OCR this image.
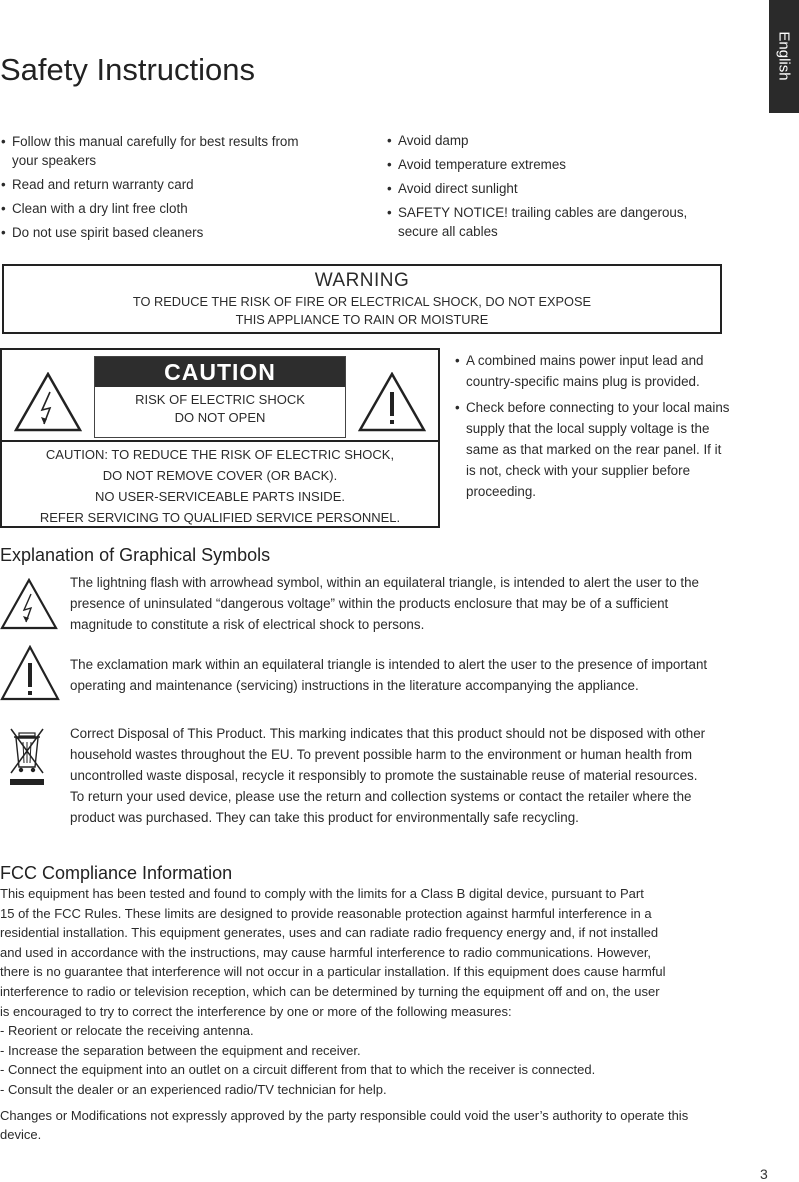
English
Safety Instructions
• Follow this manual carefully for best results from your speakers
• Read and return warranty card
• Clean with a dry lint free cloth
• Do not use spirit based cleaners
• Avoid damp
• Avoid temperature extremes
• Avoid direct sunlight
• SAFETY NOTICE! trailing cables are dangerous, secure all cables
WARNING
TO REDUCE THE RISK OF FIRE OR ELECTRICAL SHOCK, DO NOT EXPOSE
THIS APPLIANCE TO RAIN OR MOISTURE
CAUTION
RISK OF ELECTRIC SHOCK
DO NOT OPEN
CAUTION: TO REDUCE THE RISK OF ELECTRIC SHOCK,
DO NOT REMOVE COVER (OR BACK).
NO USER-SERVICEABLE PARTS INSIDE.
REFER SERVICING TO QUALIFIED SERVICE PERSONNEL.
• A combined mains power input lead and country-specific mains plug is provided.
• Check before connecting to your local mains supply that the local supply voltage is the same as that marked on the rear panel. If it is not, check with your supplier before proceeding.
Explanation of Graphical Symbols
The lightning flash with arrowhead symbol, within an equilateral triangle, is intended to alert the user to the presence of uninsulated “dangerous voltage” within the products enclosure that may be of a sufficient magnitude to constitute a risk of electrical shock to persons.
The exclamation mark within an equilateral triangle is intended to alert the user to the presence of important operating and maintenance (servicing) instructions in the literature accompanying the appliance.
Correct Disposal of This Product. This marking indicates that this product should not be disposed with other household wastes throughout the EU. To prevent possible harm to the environment or human health from uncontrolled waste disposal, recycle it responsibly to promote the sustainable reuse of material resources.
To return your used device, please use the return and collection systems or contact the retailer where the product was purchased. They can take this product for environmentally safe recycling.
FCC Compliance Information

This equipment has been tested and found to comply with the limits for a Class B digital device, pursuant to Part

15 of the FCC Rules. These limits are designed to provide reasonable protection against harmful interference in a

residential installation. This equipment generates, uses and can radiate radio frequency energy and, if not installed

and used in accordance with the instructions, may cause harmful interference to radio communications. However,

there is no guarantee that interference will not occur in a particular installation. If this equipment does cause harmful

interference to radio or television reception, which can be determined by turning the equipment off and on, the user

is encouraged to try to correct the interference by one or more of the following measures:

- Reorient or relocate the receiving antenna.

- Increase the separation between the equipment and receiver.

- Connect the equipment into an outlet on a circuit different from that to which the receiver is connected.

- Consult the dealer or an experienced radio/TV technician for help.

Changes or Modifications not expressly approved by the party responsible could void the user’s authority to operate this device.

3
